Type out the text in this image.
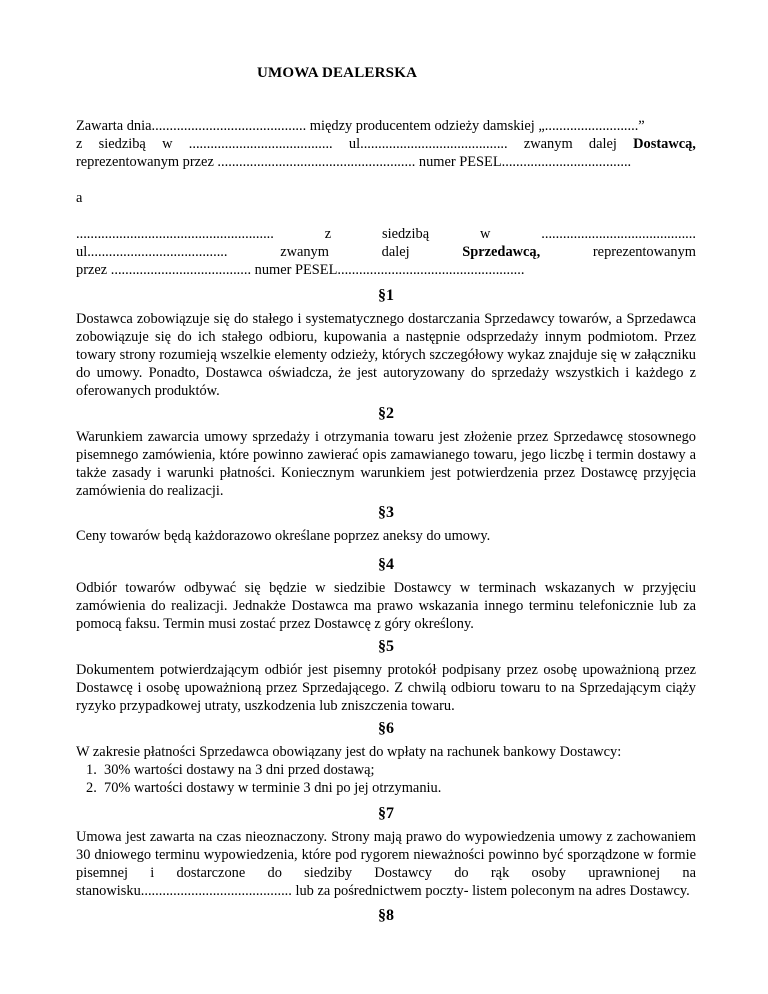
UMOWA DEALERSKA
Zawarta dnia........................................... między producentem odzieży damskiej „..........................”
z siedzibą w ........................................ ul......................................... zwanym dalej Dostawcą,
reprezentowanym przez ....................................................... numer PESEL....................................
a
.......................................................	z	siedzibą	w	...........................................
ul.......................................	zwanym	dalej	Sprzedawcą,	reprezentowanym
przez ....................................... numer PESEL....................................................
§1
Dostawca zobowiązuje się do stałego i systematycznego dostarczania Sprzedawcy towarów, a Sprzedawca zobowiązuje się do ich stałego odbioru, kupowania a następnie odsprzedaży innym podmiotom. Przez towary strony rozumieją wszelkie elementy odzieży, których szczegółowy wykaz znajduje się w załączniku do umowy. Ponadto, Dostawca oświadcza, że jest autoryzowany do sprzedaży wszystkich i każdego z oferowanych produktów.
§2
Warunkiem zawarcia umowy sprzedaży i otrzymania towaru jest złożenie przez Sprzedawcę stosownego pisemnego zamówienia, które powinno zawierać opis zamawianego towaru, jego liczbę i termin dostawy a także zasady i warunki płatności. Koniecznym warunkiem jest potwierdzenia przez Dostawcę przyjęcia zamówienia do realizacji.
§3
Ceny towarów będą każdorazowo określane poprzez aneksy do umowy.
§4
Odbiór towarów odbywać się będzie w siedzibie Dostawcy w terminach wskazanych w przyjęciu zamówienia do realizacji. Jednakże Dostawca ma prawo wskazania innego terminu telefonicznie lub za pomocą faksu. Termin musi zostać przez Dostawcę z góry określony.
§5
Dokumentem potwierdzającym odbiór jest pisemny protokół podpisany przez osobę upoważnioną przez Dostawcę i osobę upoważnioną przez Sprzedającego. Z chwilą odbioru towaru to na Sprzedającym ciąży ryzyko przypadkowej utraty, uszkodzenia lub zniszczenia towaru.
§6
W zakresie płatności Sprzedawca obowiązany jest do wpłaty na rachunek bankowy Dostawcy:
1. 30% wartości dostawy na 3 dni przed dostawą;
2. 70% wartości dostawy w terminie 3 dni po jej otrzymaniu.
§7
Umowa jest zawarta na czas nieoznaczony. Strony mają prawo do wypowiedzenia umowy z zachowaniem 30 dniowego terminu wypowiedzenia, które pod rygorem nieważności powinno być sporządzone w formie pisemnej i dostarczone do siedziby Dostawcy do rąk osoby uprawnionej na stanowisku.......................................... lub za pośrednictwem poczty- listem poleconym na adres Dostawcy.
§8
